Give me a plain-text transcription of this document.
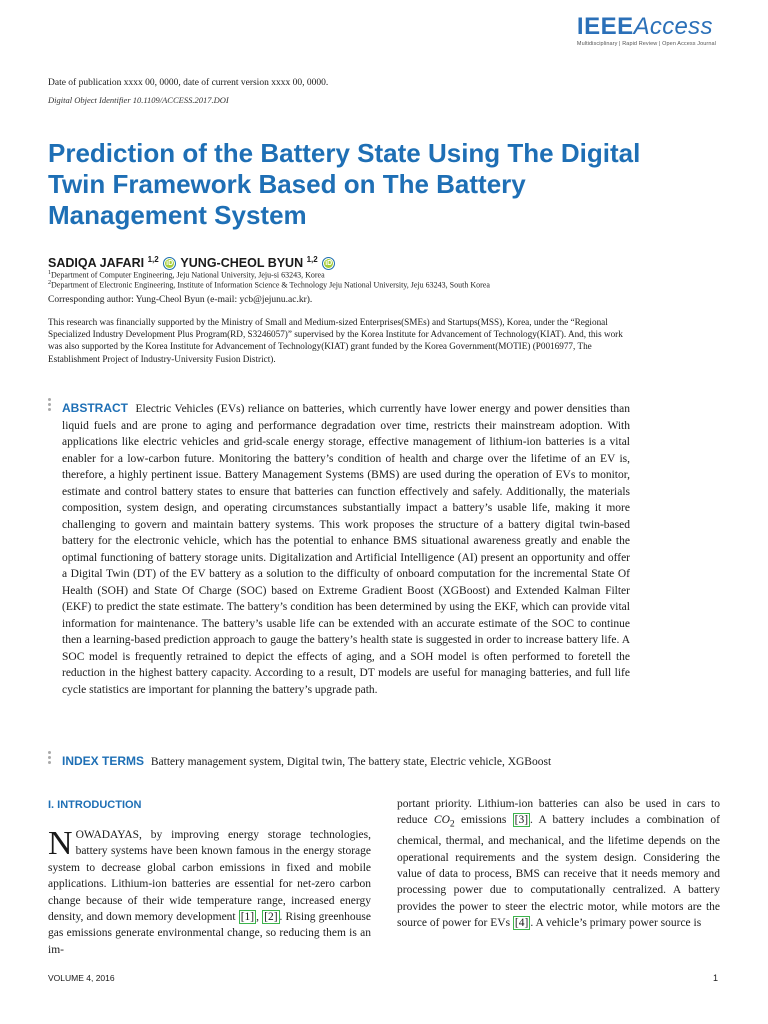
IEEEAccess
Multidisciplinary | Rapid Review | Open Access Journal
Date of publication xxxx 00, 0000, date of current version xxxx 00, 0000.
Digital Object Identifier 10.1109/ACCESS.2017.DOI
Prediction of the Battery State Using The Digital Twin Framework Based on The Battery Management System
SADIQA JAFARI $^{1,2}$ iD YUNG-CHEOL BYUN $^{1,2}$ iD
$^1$Department of Computer Engineering, Jeju National University, Jeju-si 63243, Korea
$^2$Department of Electronic Engineering, Institute of Information Science & Technology Jeju National University, Jeju 63243, South Korea
Corresponding author: Yung-Cheol Byun (e-mail: ycb@jejunu.ac.kr).

This research was financially supported by the Ministry of Small and Medium-sized Enterprises(SMEs) and Startups(MSS), Korea, under the “Regional Specialized Industry Development Plus Program(RD, S3246057)” supervised by the Korea Institute for Advancement of Technology(KIAT). And, this work was also supported by the Korea Institute for Advancement of Technology(KIAT) grant funded by the Korea Government(MOTIE) (P0016977, The Establishment Project of Industry-University Fusion District).

ABSTRACT Electric Vehicles (EVs) reliance on batteries, which currently have lower energy and power densities than liquid fuels and are prone to aging and performance degradation over time, restricts their mainstream adoption. With applications like electric vehicles and grid-scale energy storage, effective management of lithium-ion batteries is a vital enabler for a low-carbon future. Monitoring the battery’s condition of health and charge over the lifetime of an EV is, therefore, a highly pertinent issue. Battery Management Systems (BMS) are used during the operation of EVs to monitor, estimate and control battery states to ensure that batteries can function effectively and safely. Additionally, the materials composition, system design, and operating circumstances substantially impact a battery’s usable life, making it more challenging to govern and maintain battery systems. This work proposes the structure of a battery digital twin-based battery for the electronic vehicle, which has the potential to enhance BMS situational awareness greatly and enable the optimal functioning of battery storage units. Digitalization and Artificial Intelligence (AI) present an opportunity and offer a Digital Twin (DT) of the EV battery as a solution to the difficulty of onboard computation for the incremental State Of Health (SOH) and State Of Charge (SOC) based on Extreme Gradient Boost (XGBoost) and Extended Kalman Filter (EKF) to predict the state estimate. The battery’s condition has been determined by using the EKF, which can provide vital information for maintenance. The battery’s usable life can be extended with an accurate estimate of the SOC to continue then a learning-based prediction approach to gauge the battery’s health state is suggested in order to increase battery life. A SOC model is frequently retrained to depict the effects of aging, and a SOH model is often performed to foretell the reduction in the highest battery capacity. According to a result, DT models are useful for managing batteries, and full life cycle statistics are important for planning the battery’s upgrade path.

INDEX TERMS Battery management system, Digital twin, The battery state, Electric vehicle, XGBoost
I. INTRODUCTION

NOWADAYAS, by improving energy storage technologies, battery systems have been known famous in the energy storage system to decrease global carbon emissions in fixed and mobile applications. Lithium-ion batteries are essential for net-zero carbon change because of their wide temperature range, increased energy density, and down memory development [1] , [2] . Rising greenhouse gas emissions generate environmental change, so reducing them is an im-

portant priority. Lithium-ion batteries can also be used in cars to reduce $CO_2$ emissions [3] . A battery includes a combination of chemical, thermal, and mechanical, and the lifetime depends on the operational requirements and the system design. Considering the value of data to process, BMS can receive that it needs memory and processing power due to computationally centralized. A battery provides the power to steer the electric motor, while motors are the source of power for EVs [4] . A vehicle’s primary power source is

VOLUME 4, 2016	1
